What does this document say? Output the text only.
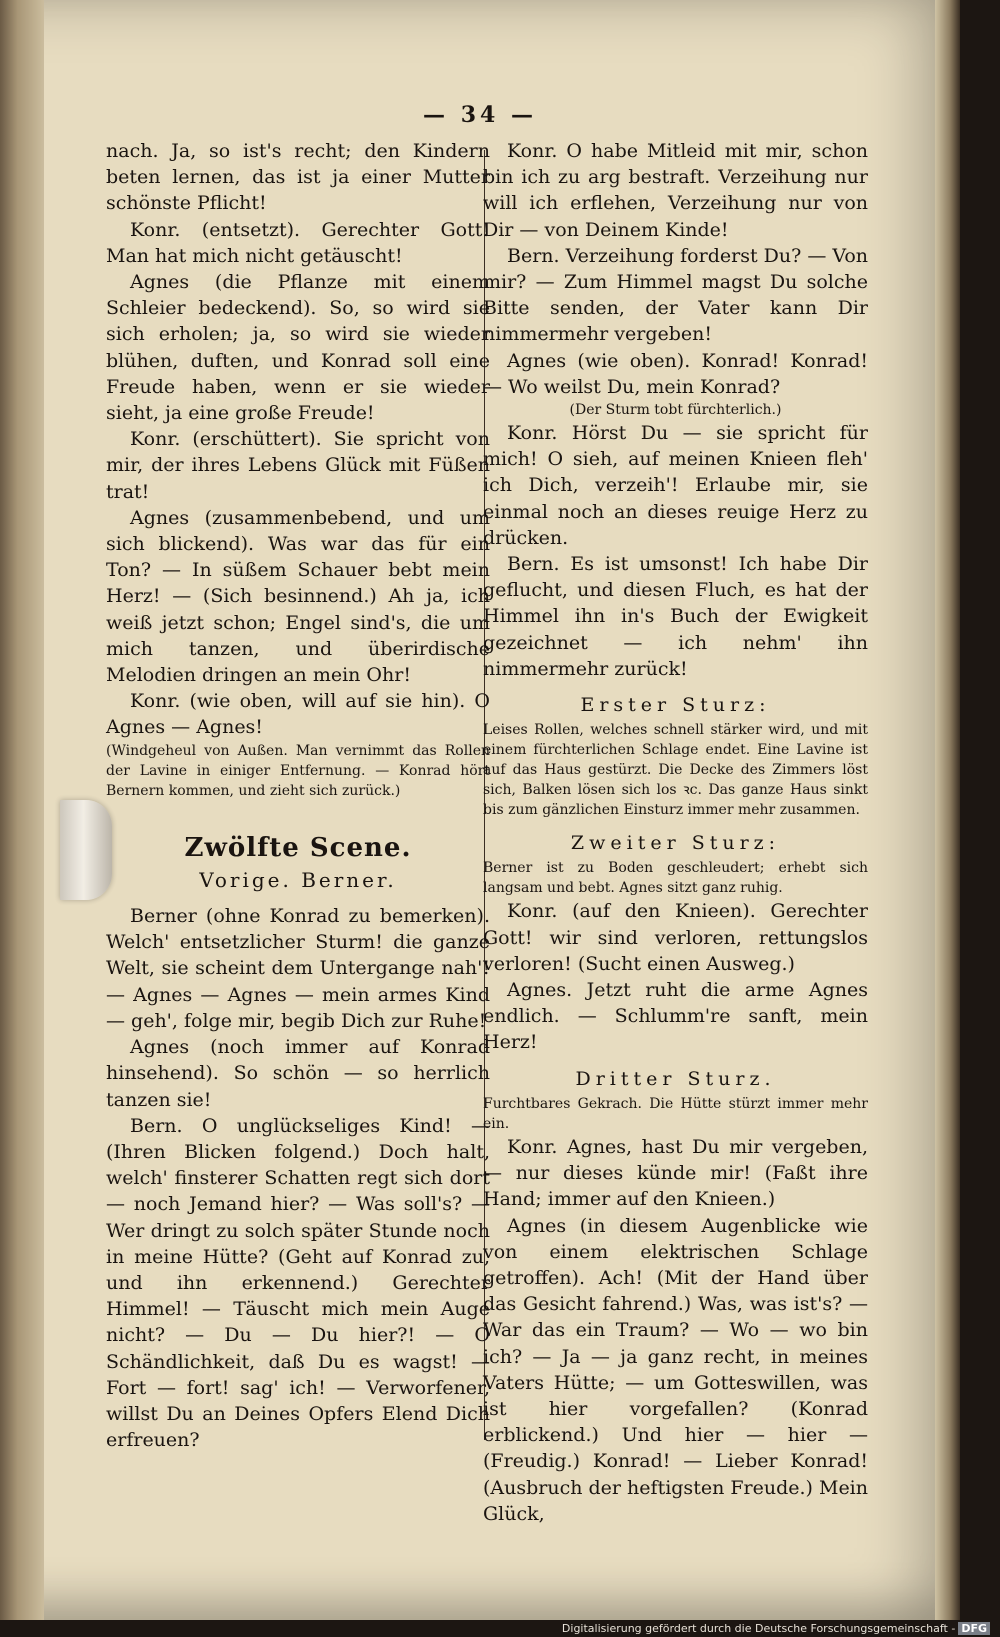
— 34 —

nach. Ja, so ist's recht; den Kindern beten lernen, das ist ja einer Mutter schönste Pflicht!

Konr. (entsetzt). Gerechter Gott! Man hat mich nicht getäuscht!

Agnes (die Pflanze mit einem Schleier bedeckend). So, so wird sie sich erholen; ja, so wird sie wieder blühen, duften, und Konrad soll eine Freude haben, wenn er sie wieder sieht, ja eine große Freude!

Konr. (erschüttert). Sie spricht von mir, der ihres Lebens Glück mit Füßen trat!

Agnes (zusammenbebend, und um sich blickend). Was war das für ein Ton? — In süßem Schauer bebt mein Herz! — (Sich besinnend.) Ah ja, ich weiß jetzt schon; Engel sind's, die um mich tanzen, und überirdische Melodien dringen an mein Ohr!

Konr. (wie oben, will auf sie hin). O Agnes — Agnes!

(Windgeheul von Außen. Man vernimmt das Rollen der Lavine in einiger Entfernung. — Konrad hört Bernern kommen, und zieht sich zurück.)

Zwölfte Scene.
Vorige. Berner.

Berner (ohne Konrad zu bemerken). Welch' entsetzlicher Sturm! die ganze Welt, sie scheint dem Untergange nah'! — Agnes — Agnes — mein armes Kind — geh', folge mir, begib Dich zur Ruhe!

Agnes (noch immer auf Konrad hinsehend). So schön — so herrlich tanzen sie!

Bern. O unglückseliges Kind! — (Ihren Blicken folgend.) Doch halt, welch' finsterer Schatten regt sich dort — noch Jemand hier? — Was soll's? — Wer dringt zu solch später Stunde noch in meine Hütte? (Geht auf Konrad zu, und ihn erkennend.) Gerechter Himmel! — Täuscht mich mein Auge nicht? — Du — Du hier?! — O Schändlichkeit, daß Du es wagst! — Fort — fort! sag' ich! — Verworfener, willst Du an Deines Opfers Elend Dich erfreuen?

Konr. O habe Mitleid mit mir, schon bin ich zu arg bestraft. Verzeihung nur will ich erflehen, Verzeihung nur von Dir — von Deinem Kinde!

Bern. Verzeihung forderst Du? — Von mir? — Zum Himmel magst Du solche Bitte senden, der Vater kann Dir nimmermehr vergeben!

Agnes (wie oben). Konrad! Konrad! — Wo weilst Du, mein Konrad?

(Der Sturm tobt fürchterlich.)

Konr. Hörst Du — sie spricht für mich! O sieh, auf meinen Knieen fleh' ich Dich, verzeih'! Erlaube mir, sie einmal noch an dieses reuige Herz zu drücken.

Bern. Es ist umsonst! Ich habe Dir geflucht, und diesen Fluch, es hat der Himmel ihn in's Buch der Ewigkeit gezeichnet — ich nehm' ihn nimmermehr zurück!

Erster Sturz:

Leises Rollen, welches schnell stärker wird, und mit einem fürchterlichen Schlage endet. Eine Lavine ist auf das Haus gestürzt. Die Decke des Zimmers löst sich, Balken lösen sich los ꝛc. Das ganze Haus sinkt bis zum gänzlichen Einsturz immer mehr zusammen.

Zweiter Sturz:

Berner ist zu Boden geschleudert; erhebt sich langsam und bebt. Agnes sitzt ganz ruhig.

Konr. (auf den Knieen). Gerechter Gott! wir sind verloren, rettungslos verloren! (Sucht einen Ausweg.)

Agnes. Jetzt ruht die arme Agnes endlich. — Schlumm're sanft, mein Herz!

Dritter Sturz.

Furchtbares Gekrach. Die Hütte stürzt immer mehr ein.

Konr. Agnes, hast Du mir vergeben, — nur dieses künde mir! (Faßt ihre Hand; immer auf den Knieen.)

Agnes (in diesem Augenblicke wie von einem elektrischen Schlage getroffen). Ach! (Mit der Hand über das Gesicht fahrend.) Was, was ist's? — War das ein Traum? — Wo — wo bin ich? — Ja — ja ganz recht, in meines Vaters Hütte; — um Gotteswillen, was ist hier vorgefallen? (Konrad erblickend.) Und hier — hier — (Freudig.) Konrad! — Lieber Konrad! (Ausbruch der heftigsten Freude.) Mein Glück,

Digitalisierung gefördert durch die Deutsche Forschungsgemeinschaft - DFG
